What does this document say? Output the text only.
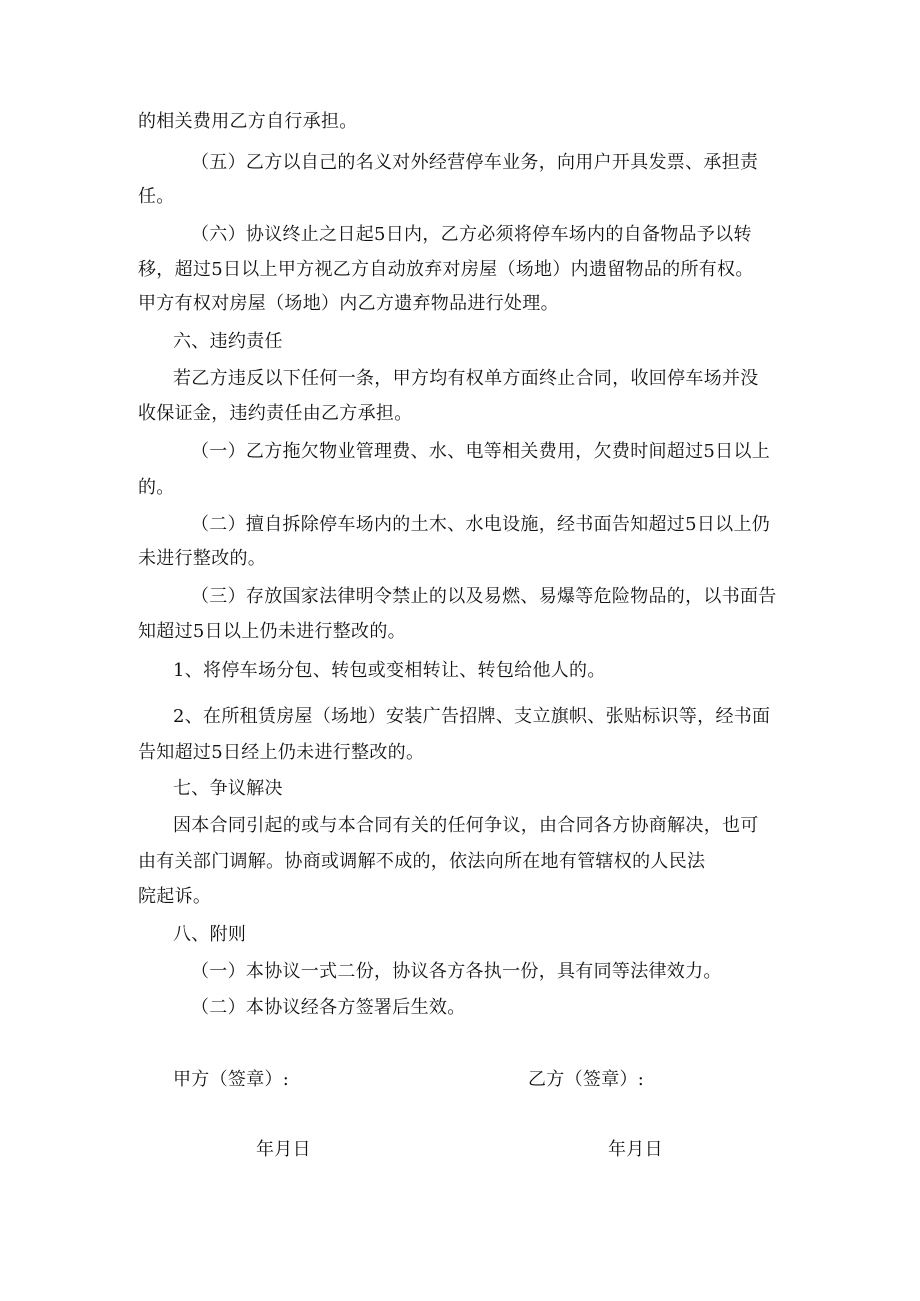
的相关费用乙方自行承担。
（五）乙方以自己的名义对外经营停车业务，向用户开具发票、承担责
任。
（六）协议终止之日起5日内，乙方必须将停车场内的自备物品予以转
移，超过5日以上甲方视乙方自动放弃对房屋（场地）内遗留物品的所有权。
甲方有权对房屋（场地）内乙方遗弃物品进行处理。
六、违约责任
若乙方违反以下任何一条，甲方均有权单方面终止合同，收回停车场并没
收保证金，违约责任由乙方承担。
（一）乙方拖欠物业管理费、水、电等相关费用，欠费时间超过5日以上
的。
（二）擅自拆除停车场内的土木、水电设施，经书面告知超过5日以上仍
未进行整改的。
（三）存放国家法律明令禁止的以及易燃、易爆等危险物品的，以书面告
知超过5日以上仍未进行整改的。
1、将停车场分包、转包或变相转让、转包给他人的。
2、在所租赁房屋（场地）安装广告招牌、支立旗帜、张贴标识等，经书面
告知超过5日经上仍未进行整改的。
七、争议解决
因本合同引起的或与本合同有关的任何争议，由合同各方协商解决，也可
由有关部门调解。协商或调解不成的，依法向所在地有管辖权的人民法
院起诉。
八、附则
（一）本协议一式二份，协议各方各执一份，具有同等法律效力。
（二）本协议经各方签署后生效。
甲方（签章）:	乙方（签章）:
年月日	年月日
